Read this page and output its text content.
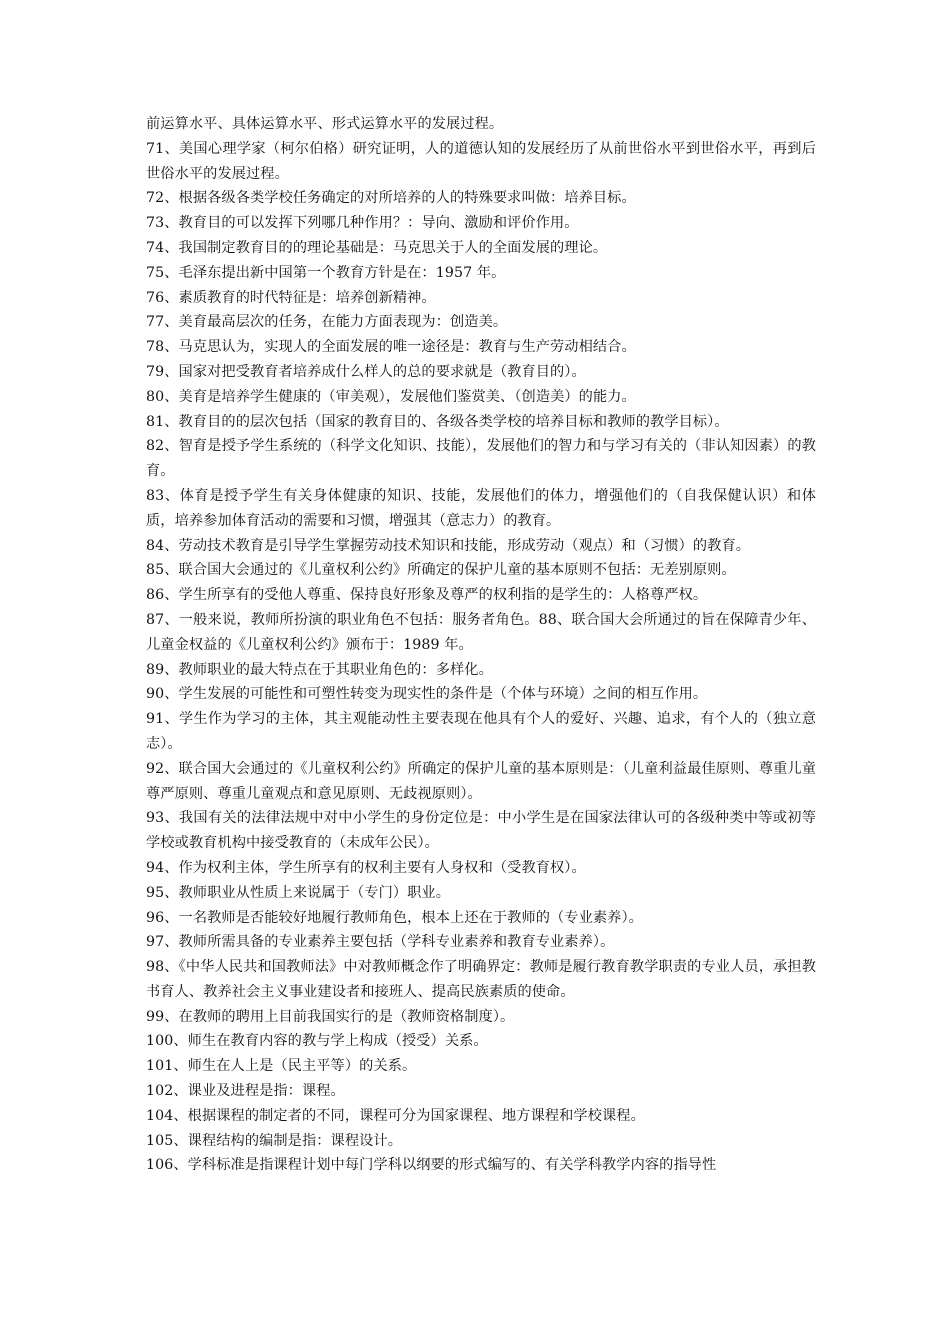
前运算水平、具体运算水平、形式运算水平的发展过程。

71、美国心理学家（柯尔伯格）研究证明，人的道德认知的发展经历了从前世俗水平到世俗水平，再到后世俗水平的发展过程。

72、根据各级各类学校任务确定的对所培养的人的特殊要求叫做：培养目标。

73、教育目的可以发挥下列哪几种作用？：导向、激励和评价作用。

74、我国制定教育目的的理论基础是：马克思关于人的全面发展的理论。

75、毛泽东提出新中国第一个教育方针是在：1957 年。

76、素质教育的时代特征是：培养创新精神。

77、美育最高层次的任务，在能力方面表现为：创造美。

78、马克思认为，实现人的全面发展的唯一途径是：教育与生产劳动相结合。

79、国家对把受教育者培养成什么样人的总的要求就是（教育目的）。

80、美育是培养学生健康的（审美观），发展他们鉴赏美、（创造美）的能力。

81、教育目的的层次包括（国家的教育目的、各级各类学校的培养目标和教师的教学目标）。

82、智育是授予学生系统的（科学文化知识、技能），发展他们的智力和与学习有关的（非认知因素）的教育。

83、体育是授予学生有关身体健康的知识、技能，发展他们的体力，增强他们的（自我保健认识）和体质，培养参加体育活动的需要和习惯，增强其（意志力）的教育。

84、劳动技术教育是引导学生掌握劳动技术知识和技能，形成劳动（观点）和（习惯）的教育。

85、联合国大会通过的《儿童权利公约》所确定的保护儿童的基本原则不包括：无差别原则。

86、学生所享有的受他人尊重、保持良好形象及尊严的权利指的是学生的：人格尊严权。

87、一般来说，教师所扮演的职业角色不包括：服务者角色。88、联合国大会所通过的旨在保障青少年、儿童金权益的《儿童权利公约》颁布于：1989 年。

89、教师职业的最大特点在于其职业角色的：多样化。

90、学生发展的可能性和可塑性转变为现实性的条件是（个体与环境）之间的相互作用。

91、学生作为学习的主体，其主观能动性主要表现在他具有个人的爱好、兴趣、追求，有个人的（独立意志）。

92、联合国大会通过的《儿童权利公约》所确定的保护儿童的基本原则是：（儿童利益最佳原则、尊重儿童尊严原则、尊重儿童观点和意见原则、无歧视原则）。

93、我国有关的法律法规中对中小学生的身份定位是：中小学生是在国家法律认可的各级种类中等或初等学校或教育机构中接受教育的（未成年公民）。

94、作为权利主体，学生所享有的权利主要有人身权和（受教育权）。

95、教师职业从性质上来说属于（专门）职业。

96、一名教师是否能较好地履行教师角色，根本上还在于教师的（专业素养）。

97、教师所需具备的专业素养主要包括（学科专业素养和教育专业素养）。

98、《中华人民共和国教师法》中对教师概念作了明确界定：教师是履行教育教学职责的专业人员，承担教书育人、教养社会主义事业建设者和接班人、提高民族素质的使命。

99、在教师的聘用上目前我国实行的是（教师资格制度）。

100、师生在教育内容的教与学上构成（授受）关系。

101、师生在人上是（民主平等）的关系。

102、课业及进程是指：课程。

104、根据课程的制定者的不同，课程可分为国家课程、地方课程和学校课程。

105、课程结构的编制是指：课程设计。

106、学科标准是指课程计划中每门学科以纲要的形式编写的、有关学科教学内容的指导性
